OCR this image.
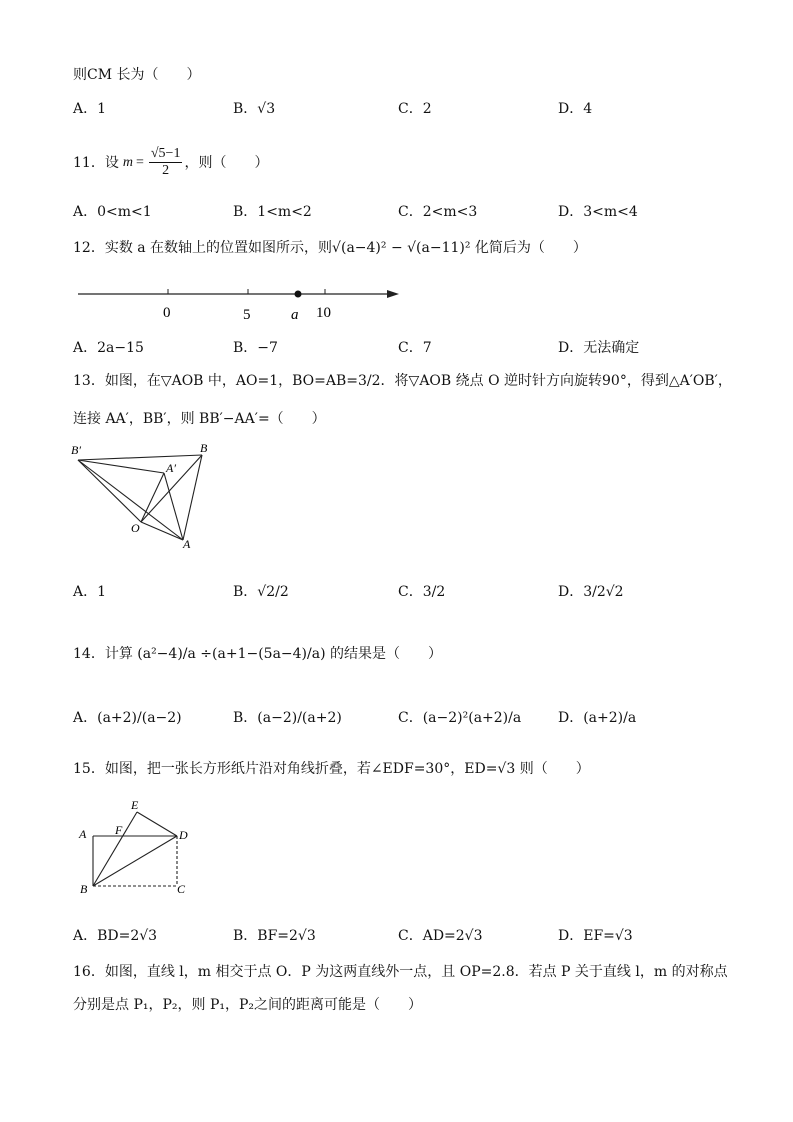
则CM 长为（　　）
A．1	B．√3	C．2	D．4
11． 设 $m = \frac{√5-1}{2}$ ，则（　　）
A．0<m<1	B．1<m<2	C．2<m<3	D．3<m<4
12．实数 a 在数轴上的位置如图所示，则√(a−4)² − √(a−11)² 化简后为（　　）
0	5	a 10
A．2a−15	B．−7	C．7	D．无法确定
13．如图，在▽AOB 中，AO=1，BO=AB=3/2．将▽AOB 绕点 O 逆时针方向旋转90°，得到△A′OB′，
连接 AA′，BB′，则 BB′−AA′=（　　）
B′	B
A′
O
A
A．1	B．√2/2	C．3/2	D．3/2√2
14．计算 (a²−4)/a ÷(a+1−(5a−4)/a) 的结果是（　　）
A．(a+2)/(a−2)	B．(a−2)/(a+2)	C．(a−2)²(a+2)/a	D．(a+2)/a
15．如图，把一张长方形纸片沿对角线折叠，若∠EDF=30°，ED=√3 则（　　）
E
A F	D
B	C
A．BD=2√3	B．BF=2√3	C．AD=2√3	D．EF=√3
16．如图，直线 l，m 相交于点 O．P 为这两直线外一点，且 OP=2.8．若点 P 关于直线 l，m 的对称点
分别是点 P₁，P₂，则 P₁，P₂之间的距离可能是（　　）
